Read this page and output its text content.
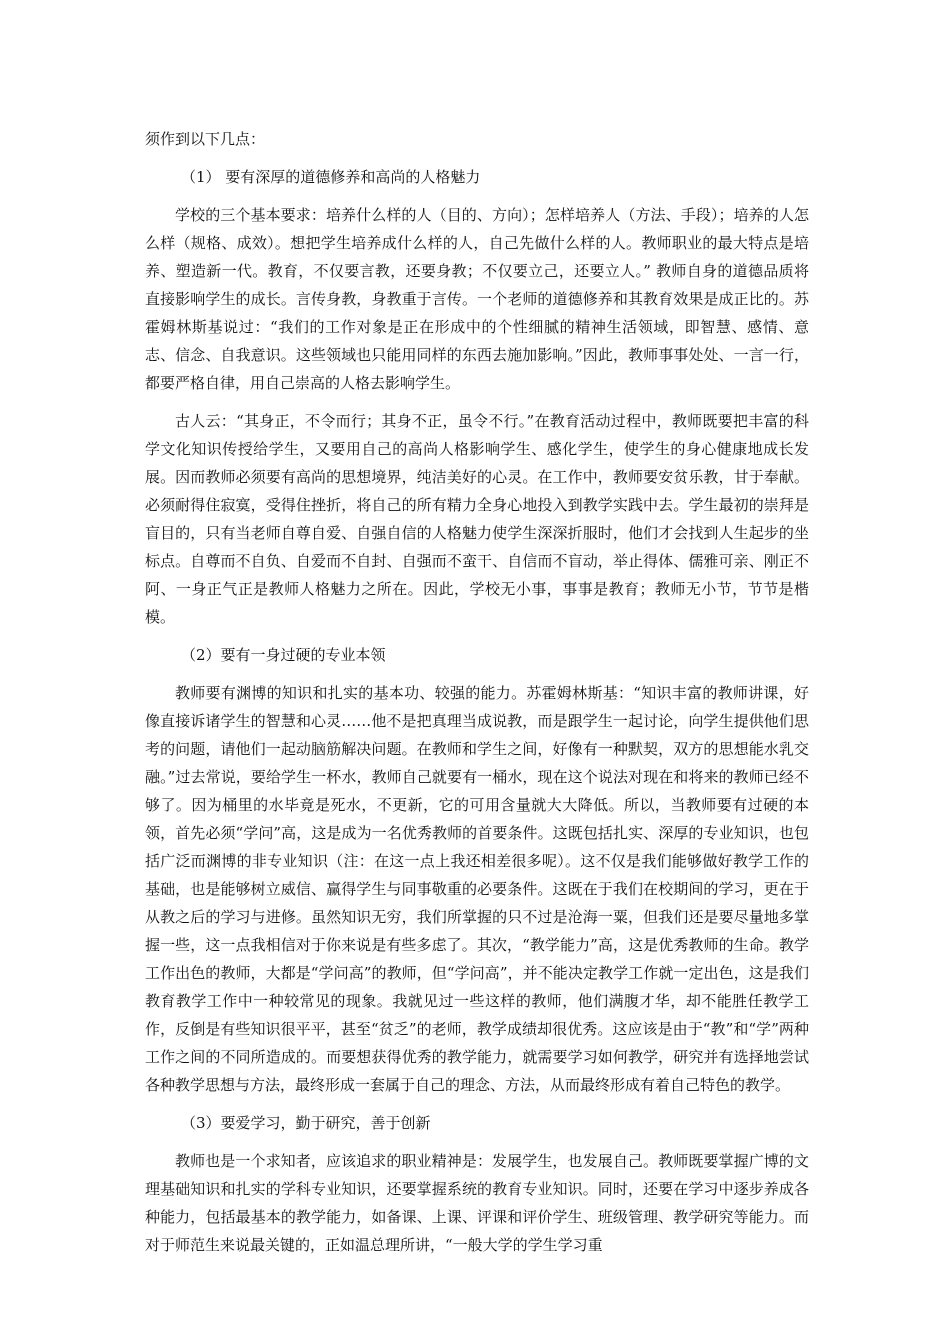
须作到以下几点：

（1） 要有深厚的道德修养和高尚的人格魅力

学校的三个基本要求：培养什么样的人（目的、方向）；怎样培养人（方法、手段）；培养的人怎么样（规格、成效）。想把学生培养成什么样的人，自己先做什么样的人。教师职业的最大特点是培养、塑造新一代。教育，不仅要言教，还要身教；不仅要立己，还要立人。” 教师自身的道德品质将直接影响学生的成长。言传身教，身教重于言传。一个老师的道德修养和其教育效果是成正比的。苏霍姆林斯基说过：“我们的工作对象是正在形成中的个性细腻的精神生活领域，即智慧、感情、意志、信念、自我意识。这些领域也只能用同样的东西去施加影响。”因此，教师事事处处、一言一行，都要严格自律，用自己崇高的人格去影响学生。

古人云：“其身正，不令而行；其身不正，虽令不行。”在教育活动过程中，教师既要把丰富的科学文化知识传授给学生，又要用自己的高尚人格影响学生、感化学生，使学生的身心健康地成长发展。因而教师必须要有高尚的思想境界，纯洁美好的心灵。在工作中，教师要安贫乐教，甘于奉献。必须耐得住寂寞，受得住挫折，将自己的所有精力全身心地投入到教学实践中去。学生最初的崇拜是盲目的，只有当老师自尊自爱、自强自信的人格魅力使学生深深折服时，他们才会找到人生起步的坐标点。自尊而不自负、自爱而不自封、自强而不蛮干、自信而不盲动，举止得体、儒雅可亲、刚正不阿、一身正气正是教师人格魅力之所在。因此，学校无小事，事事是教育；教师无小节，节节是楷模。

（2）要有一身过硬的专业本领

教师要有渊博的知识和扎实的基本功、较强的能力。苏霍姆林斯基：“知识丰富的教师讲课，好像直接诉诸学生的智慧和心灵……他不是把真理当成说教，而是跟学生一起讨论，向学生提供他们思考的问题，请他们一起动脑筋解决问题。在教师和学生之间，好像有一种默契，双方的思想能水乳交融。”过去常说，要给学生一杯水，教师自己就要有一桶水，现在这个说法对现在和将来的教师已经不够了。因为桶里的水毕竟是死水，不更新，它的可用含量就大大降低。所以，当教师要有过硬的本领，首先必须“学问”高，这是成为一名优秀教师的首要条件。这既包括扎实、深厚的专业知识，也包括广泛而渊博的非专业知识（注：在这一点上我还相差很多呢）。这不仅是我们能够做好教学工作的基础，也是能够树立威信、赢得学生与同事敬重的必要条件。这既在于我们在校期间的学习，更在于从教之后的学习与进修。虽然知识无穷，我们所掌握的只不过是沧海一粟，但我们还是要尽量地多掌握一些，这一点我相信对于你来说是有些多虑了。其次，“教学能力”高，这是优秀教师的生命。教学工作出色的教师，大都是“学问高”的教师，但“学问高”，并不能决定教学工作就一定出色，这是我们教育教学工作中一种较常见的现象。我就见过一些这样的教师，他们满腹才华，却不能胜任教学工作，反倒是有些知识很平平，甚至“贫乏”的老师，教学成绩却很优秀。这应该是由于“教”和“学”两种工作之间的不同所造成的。而要想获得优秀的教学能力，就需要学习如何教学，研究并有选择地尝试各种教学思想与方法，最终形成一套属于自己的理念、方法，从而最终形成有着自己特色的教学。

（3）要爱学习，勤于研究，善于创新

教师也是一个求知者，应该追求的职业精神是：发展学生，也发展自己。教师既要掌握广博的文理基础知识和扎实的学科专业知识，还要掌握系统的教育专业知识。同时，还要在学习中逐步养成各种能力，包括最基本的教学能力，如备课、上课、评课和评价学生、班级管理、教学研究等能力。而对于师范生来说最关键的，正如温总理所讲，“一般大学的学生学习重
